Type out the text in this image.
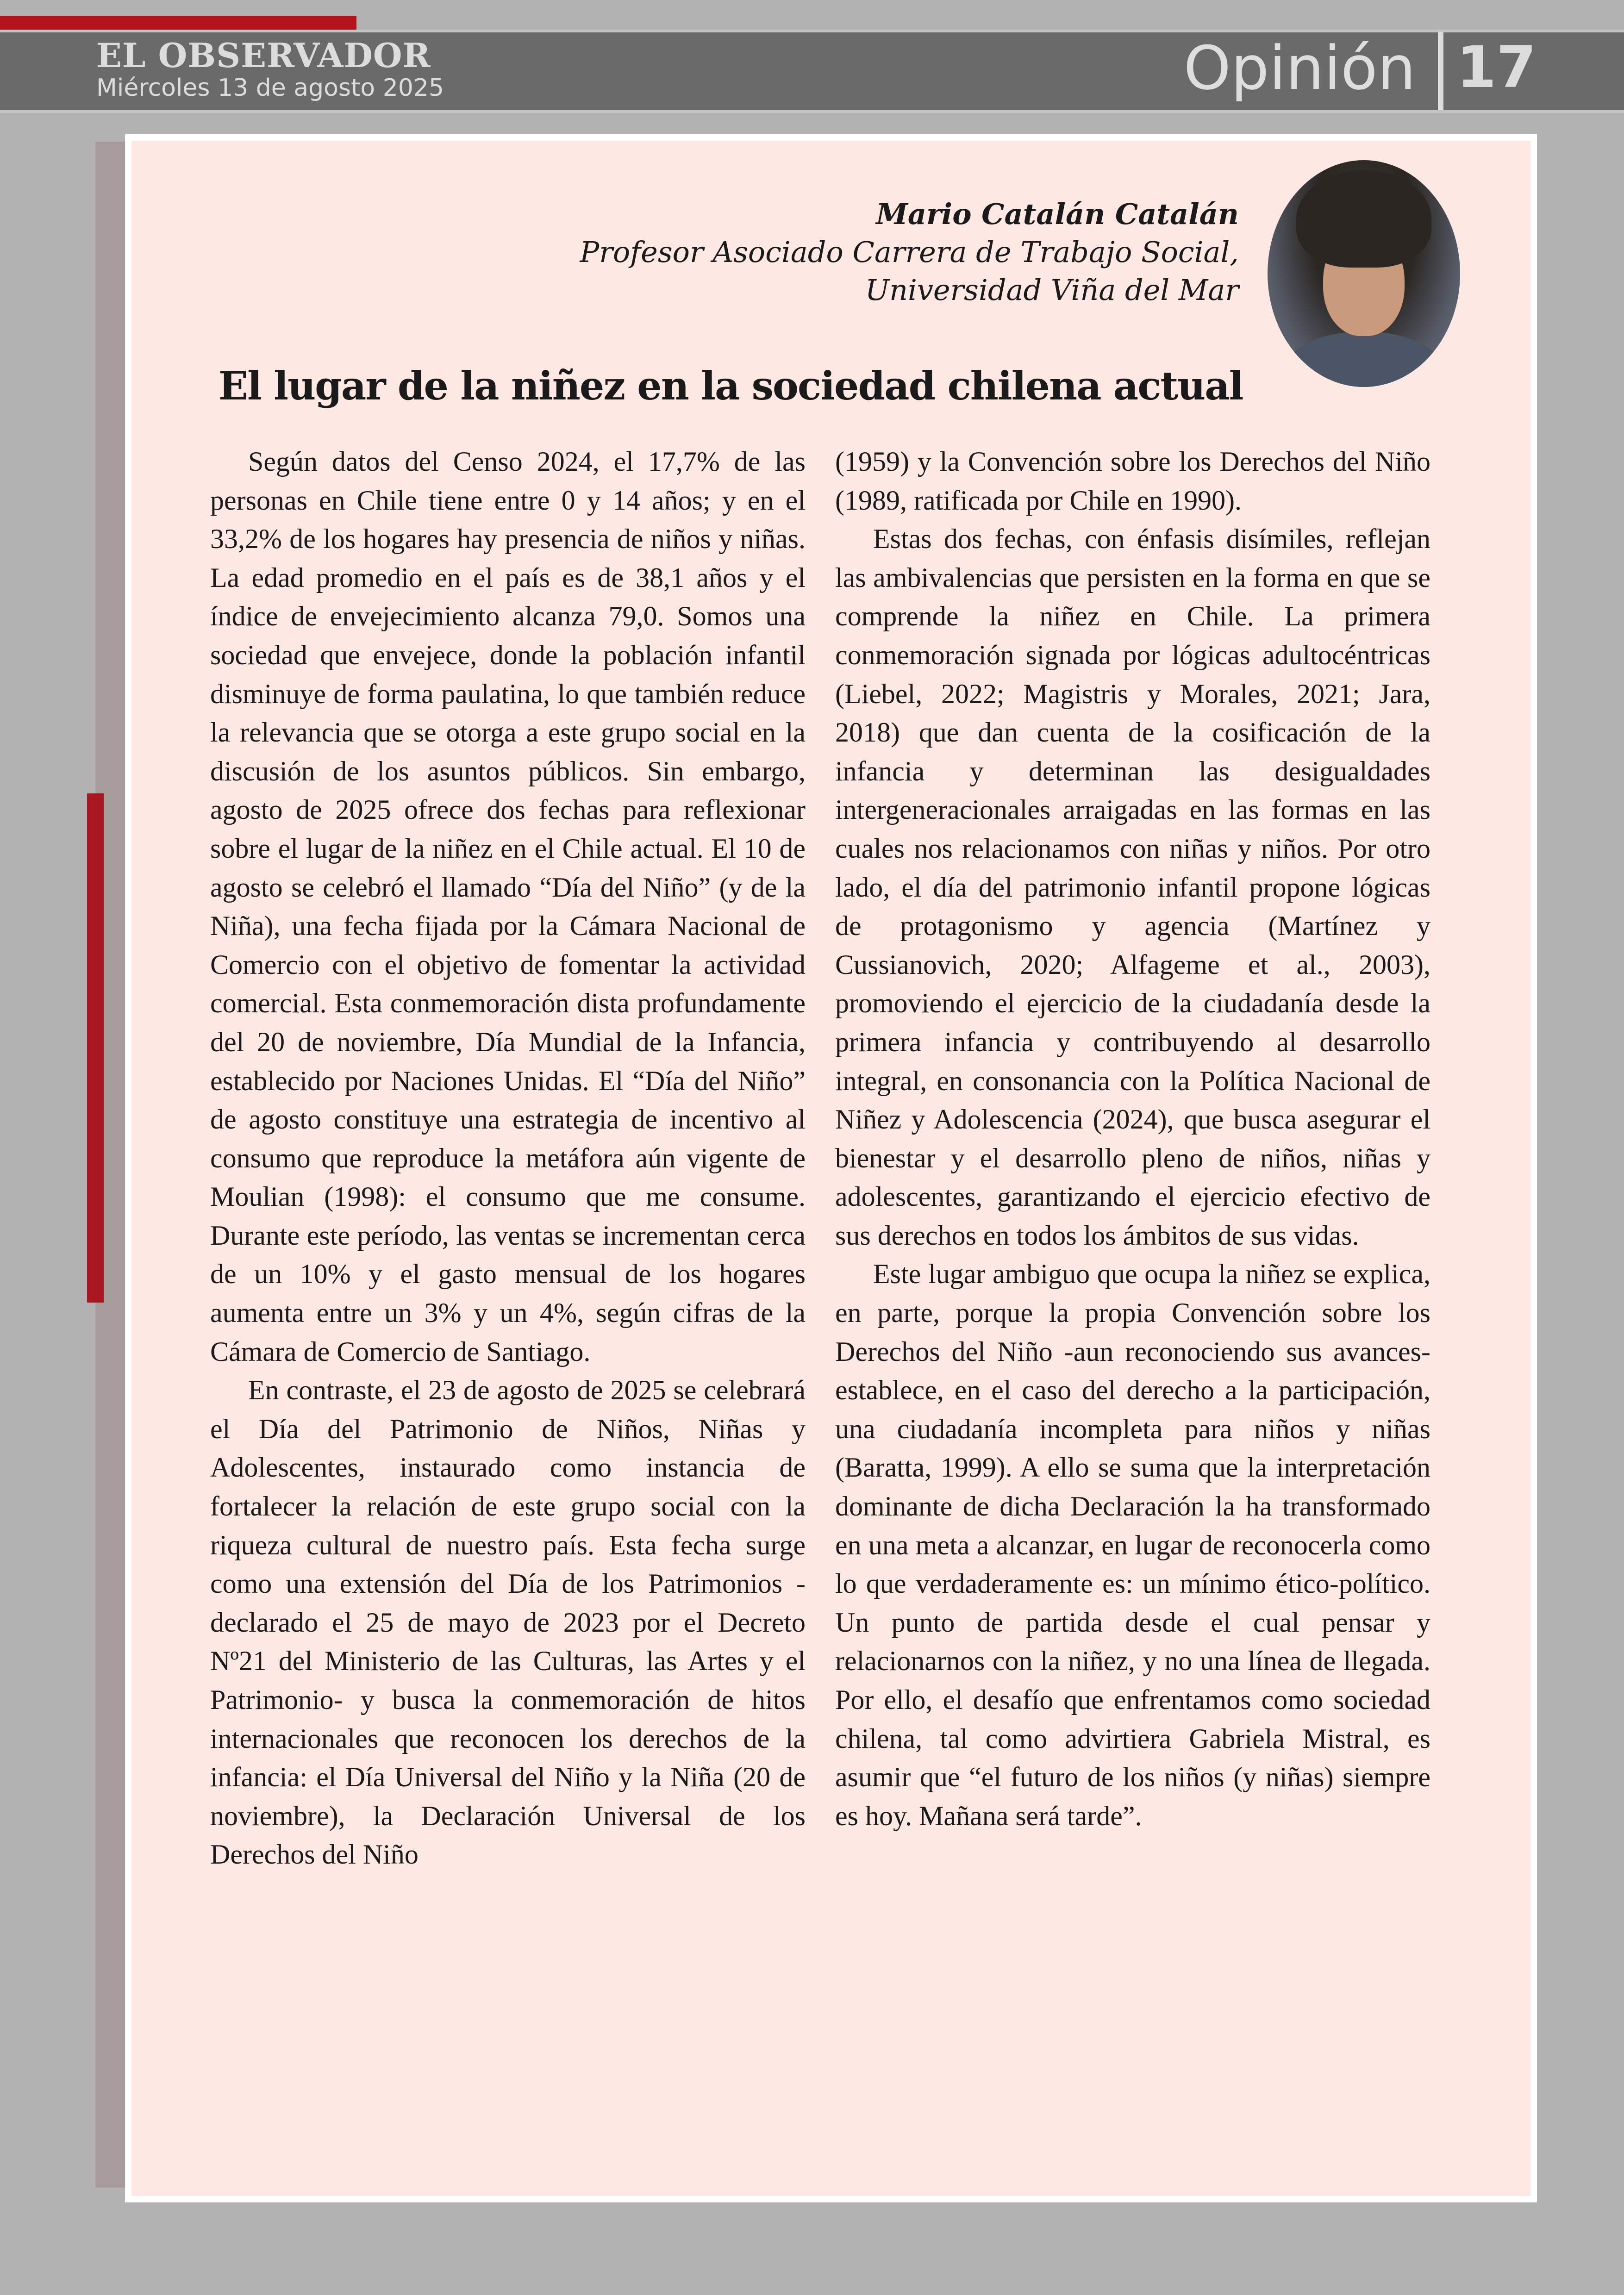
EL OBSERVADOR
Miércoles 13 de agosto 2025	Opinión 17
Mario Catalán Catalán
Profesor Asociado Carrera de Trabajo Social,
Universidad Viña del Mar
El lugar de la niñez en la sociedad chilena actual

Según datos del Censo 2024, el 17,7% de las personas en Chile tiene entre 0 y 14 años; y en el 33,2% de los hogares hay presencia de niños y niñas. La edad promedio en el país es de 38,1 años y el índice de envejecimiento alcanza 79,0. Somos una sociedad que envejece, donde la población infantil disminuye de forma paulatina, lo que también reduce la relevancia que se otorga a este grupo social en la discusión de los asuntos públicos. Sin embargo, agosto de 2025 ofrece dos fechas para reflexionar sobre el lugar de la niñez en el Chile actual. El 10 de agosto se celebró el llamado “Día del Niño” (y de la Niña), una fecha fijada por la Cámara Nacional de Comercio con el objetivo de fomentar la actividad comercial. Esta conmemoración dista profundamente del 20 de noviembre, Día Mundial de la Infancia, establecido por Naciones Unidas. El “Día del Niño” de agosto constituye una estrategia de incentivo al consumo que reproduce la metáfora aún vigente de Moulian (1998): el consumo que me consume. Durante este período, las ventas se incrementan cerca de un 10% y el gasto mensual de los hogares aumenta entre un 3% y un 4%, según cifras de la Cámara de Comercio de Santiago.

En contraste, el 23 de agosto de 2025 se celebrará el Día del Patrimonio de Niños, Niñas y Adolescentes, instaurado como instancia de fortalecer la relación de este grupo social con la riqueza cultural de nuestro país. Esta fecha surge como una extensión del Día de los Patrimonios -declarado el 25 de mayo de 2023 por el Decreto Nº21 del Ministerio de las Culturas, las Artes y el Patrimonio- y busca la conmemoración de hitos internacionales que reconocen los derechos de la infancia: el Día Universal del Niño y la Niña (20 de noviembre), la Declaración Universal de los Derechos del Niño

(1959) y la Convención sobre los Derechos del Niño (1989, ratificada por Chile en 1990).

Estas dos fechas, con énfasis disímiles, reflejan las ambivalencias que persisten en la forma en que se comprende la niñez en Chile. La primera conmemoración signada por lógicas adultocéntricas (Liebel, 2022; Magistris y Morales, 2021; Jara, 2018) que dan cuenta de la cosificación de la infancia y determinan las desigualdades intergeneracionales arraigadas en las formas en las cuales nos relacionamos con niñas y niños. Por otro lado, el día del patrimonio infantil propone lógicas de protagonismo y agencia (Martínez y Cussianovich, 2020; Alfageme et al., 2003), promoviendo el ejercicio de la ciudadanía desde la primera infancia y contribuyendo al desarrollo integral, en consonancia con la Política Nacional de Niñez y Adolescencia (2024), que busca asegurar el bienestar y el desarrollo pleno de niños, niñas y adolescentes, garantizando el ejercicio efectivo de sus derechos en todos los ámbitos de sus vidas.

Este lugar ambiguo que ocupa la niñez se explica, en parte, porque la propia Convención sobre los Derechos del Niño -aun reconociendo sus avances- establece, en el caso del derecho a la participación, una ciudadanía incompleta para niños y niñas (Baratta, 1999). A ello se suma que la interpretación dominante de dicha Declaración la ha transformado en una meta a alcanzar, en lugar de reconocerla como lo que verdaderamente es: un mínimo ético-político. Un punto de partida desde el cual pensar y relacionarnos con la niñez, y no una línea de llegada. Por ello, el desafío que enfrentamos como sociedad chilena, tal como advirtiera Gabriela Mistral, es asumir que “el futuro de los niños (y niñas) siempre es hoy. Mañana será tarde”.
